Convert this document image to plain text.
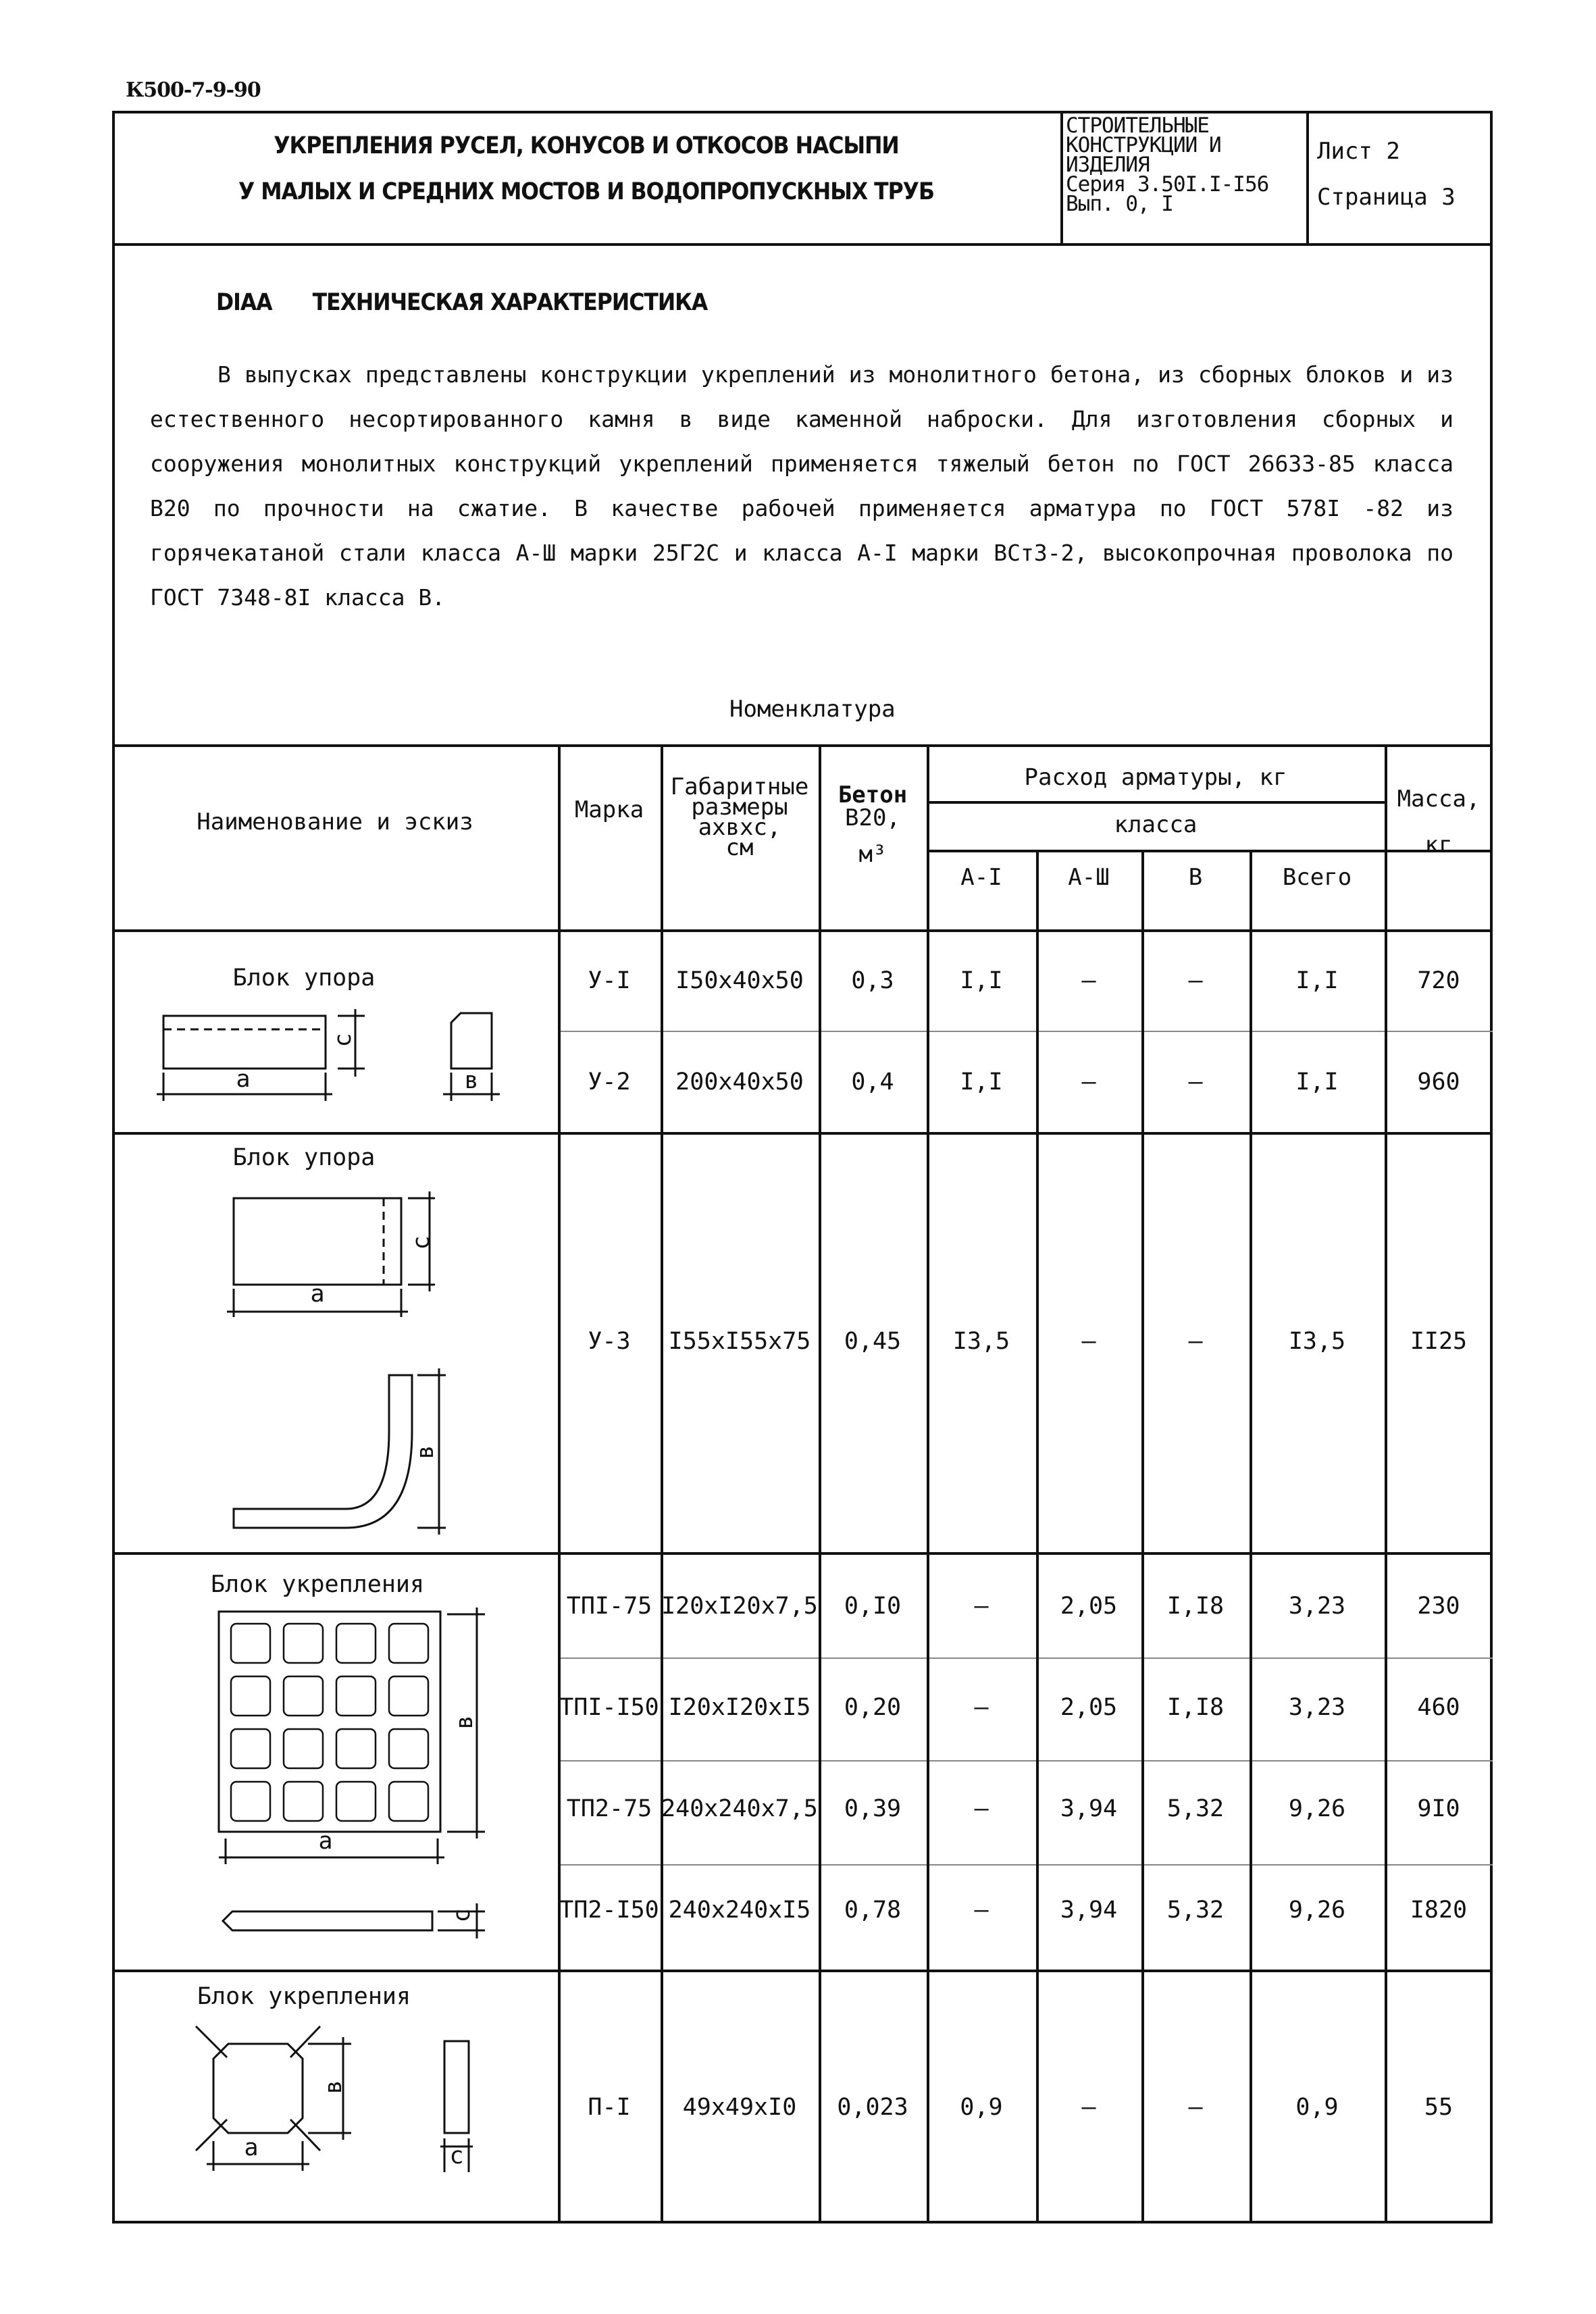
К500-7-9-90
УКРЕПЛЕНИЯ РУСЕЛ, КОНУСОВ И ОТКОСОВ НАСЫПИ
У МАЛЫХ И СРЕДНИХ МОСТОВ И ВОДОПРОПУСКНЫХ ТРУБ
СТРОИТЕЛЬНЫЕ
КОНСТРУКЦИИ И
ИЗДЕЛИЯ
Серия 3.50I.I-I56
Вып. 0, I
Лист 2
Страница 3
DIAA ТЕХНИЧЕСКАЯ ХАРАКТЕРИСТИКА
В выпусках представлены конструкции укреплений из монолитного бетона, из сборных блоков и из естественного несортированного камня в виде каменной наброски. Для изготовления сборных и сооружения монолитных конструкций укреплений применяется тяжелый бетон по ГОСТ 26633-85 класса В20 по прочности на сжатие. В качестве рабочей применяется арматура по ГОСТ 578I -82 из горячекатаной стали класса А-Ш марки 25Г2С и класса А-I марки ВСт3-2, высокопрочная проволока по ГОСТ 7348-8I класса В.
Номенклатура
Наименование и эскиз	Марка
Габаритные
размеры
ахвхс,
см
Бетон
В20,
м³
Расход арматуры, кг
класса
А-I	А-Ш	В	Всего
Масса,
кг
Блок упора
Блок упора
Блок укрепления
Блок укрепления
а	в
с
а
с
в
а
в
с
а
в
с
У-I	I50x40x50	0,3	I,I	–	–	I,I	720
У-2	200x40x50	0,4	I,I	–	–	I,I	960
У-3	I55xI55x75	0,45	I3,5	–	–	I3,5	II25
ТПI-75 I20xI20x7,5	0,I0	–	2,05	I,I8	3,23	230
ТПI-I50 I20xI20xI5	0,20	–	2,05	I,I8	3,23	460
ТП2-75 240x240x7,5	0,39	–	3,94	5,32	9,26	9I0
ТП2-I50 240x240xI5	0,78	–	3,94	5,32	9,26	I820
П-I	49x49xI0	0,023	0,9	–	–	0,9	55
